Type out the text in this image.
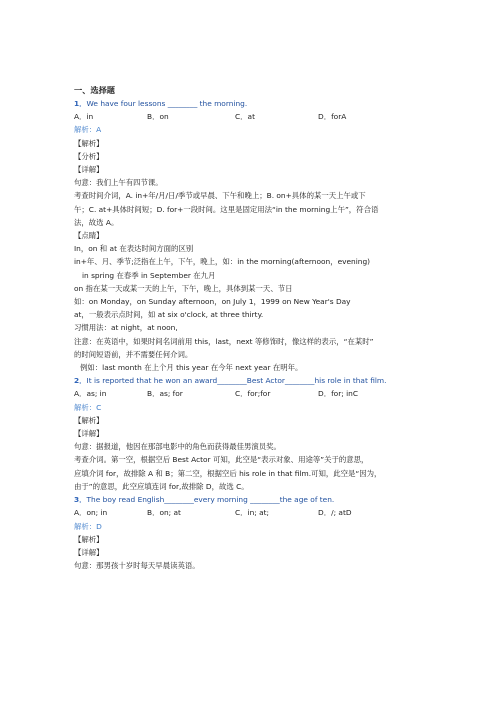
一、选择题
1．We have four lessons ________ the morning.
A．in	B．on	C．at	D．forA
解析：A
【解析】
【分析】
【详解】
句意：我们上午有四节课。
考查时间介词，A. in+年/月/日/季节或早晨、下午和晚上；B. on+具体的某一天上午或下
午；C. at+具体时间短；D. for+一段时间。这里是固定用法“in the morning上午”，符合语
法，故选 A。
【点睛】
In，on 和 at 在表达时间方面的区别
in+年、月、季节;泛指在上午，下午，晚上，如：in the morning(afternoon，evening)
in spring 在春季 in September 在九月
on 指在某一天或某一天的上午，下午，晚上，具体到某一天、节日
如：on Monday，on Sunday afternoon，on July 1，1999 on New Year's Day
at，一般表示点时间，如 at six o'clock, at three thirty.
习惯用法：at night，at noon,
注意：在英语中，如果时间名词前用 this，last，next 等修饰时，像这样的表示，“在某时”
的时间短语前，并不需要任何介词。
例如：last month 在上个月 this year 在今年 next year 在明年。
2．It is reported that he won an award________Best Actor________his role in that film.
A．as; in	B．as; for	C．for;for	D．for; inC
解析：C
【解析】
【详解】
句意：据报道，他因在那部电影中的角色而获得最佳男演员奖。
考查介词。第一空，根据空后 Best Actor 可知，此空是“表示对象、用途等”关于的意思，
应填介词 for，故排除 A 和 B；第二空，根据空后 his role in that film.可知，此空是“因为，
由于”的意思，此空应填连词 for,故排除 D，故选 C。
3．The boy read English________every morning ________the age of ten.
A．on; in	B．on; at	C．in; at;	D．/; atD
解析：D
【解析】
【详解】
句意：那男孩十岁时每天早晨读英语。
